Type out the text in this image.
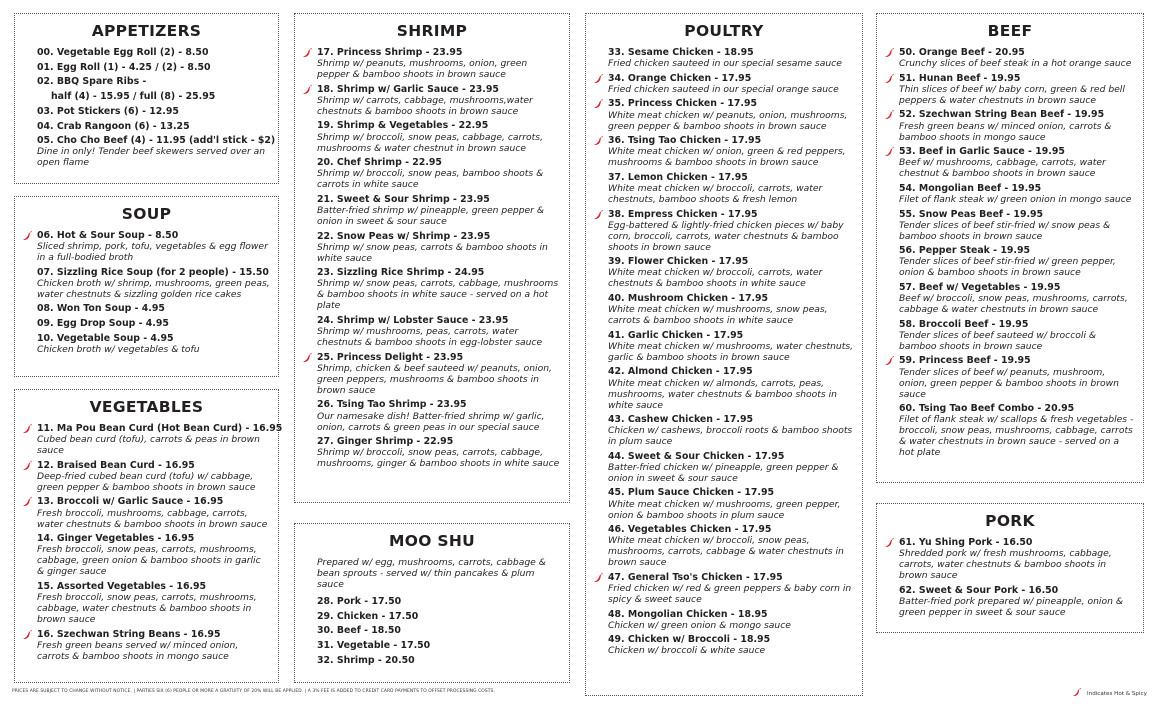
APPETIZERS
00. Vegetable Egg Roll (2) - 8.50
01. Egg Roll (1) - 4.25 / (2) - 8.50
02. BBQ Spare Ribs -
half (4) - 15.95 / full (8) - 25.95
03. Pot Stickers (6) - 12.95
04. Crab Rangoon (6) - 13.25
05. Cho Cho Beef (4) - 11.95 (add'l stick - $2)
Dine in only! Tender beef skewers served over an open flame
SOUP
06. Hot & Sour Soup - 8.50
Sliced shrimp, pork, tofu, vegetables & egg flower in a full-bodied broth
07. Sizzling Rice Soup (for 2 people) - 15.50
Chicken broth w/ shrimp, mushrooms, green peas, water chestnuts & sizzling golden rice cakes
08. Won Ton Soup - 4.95
09. Egg Drop Soup - 4.95
10. Vegetable Soup - 4.95
Chicken broth w/ vegetables & tofu
VEGETABLES
11. Ma Pou Bean Curd (Hot Bean Curd) - 16.95
Cubed bean curd (tofu), carrots & peas in brown sauce
12. Braised Bean Curd - 16.95
Deep-fried cubed bean curd (tofu) w/ cabbage, green pepper & bamboo shoots in brown sauce
13. Broccoli w/ Garlic Sauce - 16.95
Fresh broccoli, mushrooms, cabbage, carrots, water chestnuts & bamboo shoots in brown sauce
14. Ginger Vegetables - 16.95
Fresh broccoli, snow peas, carrots, mushrooms, cabbage, green onion & bamboo shoots in garlic & ginger sauce
15. Assorted Vegetables - 16.95
Fresh broccoli, snow peas, carrots, mushrooms, cabbage, water chestnuts & bamboo shoots in brown sauce
16. Szechwan String Beans - 16.95
Fresh green beans served w/ minced onion, carrots & bamboo shoots in mongo sauce
SHRIMP
17. Princess Shrimp - 23.95
Shrimp w/ peanuts, mushrooms, onion, green pepper & bamboo shoots in brown sauce
18. Shrimp w/ Garlic Sauce - 23.95
Shrimp w/ carrots, cabbage, mushrooms,water chestnuts & bamboo shoots in brown sauce
19. Shrimp & Vegetables - 22.95
Shrimp w/ broccoli, snow peas, cabbage, carrots, mushrooms & water chestnut in brown sauce
20. Chef Shrimp - 22.95
Shrimp w/ broccoli, snow peas, bamboo shoots & carrots in white sauce
21. Sweet & Sour Shrimp - 23.95
Batter-fried shrimp w/ pineapple, green pepper & onion in sweet & sour sauce
22. Snow Peas w/ Shrimp - 23.95
Shrimp w/ snow peas, carrots & bamboo shoots in white sauce
23. Sizzling Rice Shrimp - 24.95
Shrimp w/ snow peas, carrots, cabbage, mushrooms & bamboo shoots in white sauce - served on a hot plate
24. Shrimp w/ Lobster Sauce - 23.95
Shrimp w/ mushrooms, peas, carrots, water chestnuts & bamboo shoots in egg-lobster sauce
25. Princess Delight - 23.95
Shrimp, chicken & beef sauteed w/ peanuts, onion, green peppers, mushrooms & bamboo shoots in brown sauce
26. Tsing Tao Shrimp - 23.95
Our namesake dish! Batter-fried shrimp w/ garlic, onion, carrots & green peas in our special sauce
27. Ginger Shrimp - 22.95
Shrimp w/ broccoli, snow peas, carrots, cabbage, mushrooms, ginger & bamboo shoots in white sauce
MOO SHU
Prepared w/ egg, mushrooms, carrots, cabbage & bean sprouts - served w/ thin pancakes & plum sauce
28. Pork - 17.50
29. Chicken - 17.50
30. Beef - 18.50
31. Vegetable - 17.50
32. Shrimp - 20.50
POULTRY
33. Sesame Chicken - 18.95
Fried chicken sauteed in our special sesame sauce
34. Orange Chicken - 17.95
Fried chicken sauteed in our special orange sauce
35. Princess Chicken - 17.95
White meat chicken w/ peanuts, onion, mushrooms, green pepper & bamboo shoots in brown sauce
36. Tsing Tao Chicken - 17.95
White meat chicken w/ onion, green & red peppers, mushrooms & bamboo shoots in brown sauce
37. Lemon Chicken - 17.95
White meat chicken w/ broccoli, carrots, water chestnuts, bamboo shoots & fresh lemon
38. Empress Chicken - 17.95
Egg-battered & lightly-fried chicken pieces w/ baby corn, broccoli, carrots, water chestnuts & bamboo shoots in brown sauce
39. Flower Chicken - 17.95
White meat chicken w/ broccoli, carrots, water chestnuts & bamboo shoots in white sauce
40. Mushroom Chicken - 17.95
White meat chicken w/ mushrooms, snow peas, carrots & bamboo shoots in white sauce
41. Garlic Chicken - 17.95
White meat chicken w/ mushrooms, water chestnuts, garlic & bamboo shoots in brown sauce
42. Almond Chicken - 17.95
White meat chicken w/ almonds, carrots, peas, mushrooms, water chestnuts & bamboo shoots in white sauce
43. Cashew Chicken - 17.95
Chicken w/ cashews, broccoli roots & bamboo shoots in plum sauce
44. Sweet & Sour Chicken - 17.95
Batter-fried chicken w/ pineapple, green pepper & onion in sweet & sour sauce
45. Plum Sauce Chicken - 17.95
White meat chicken w/ mushrooms, green pepper, onion & bamboo shoots in plum sauce
46. Vegetables Chicken - 17.95
White meat chicken w/ broccoli, snow peas, mushrooms, carrots, cabbage & water chestnuts in brown sauce
47. General Tso's Chicken - 17.95
Fried chicken w/ red & green peppers & baby corn in spicy & sweet sauce
48. Mongolian Chicken - 18.95
Chicken w/ green onion & mongo sauce
49. Chicken w/ Broccoli - 18.95
Chicken w/ broccoli & white sauce
BEEF
50. Orange Beef - 20.95
Crunchy slices of beef steak in a hot orange sauce
51. Hunan Beef - 19.95
Thin slices of beef w/ baby corn, green & red bell peppers & water chestnuts in brown sauce
52. Szechwan String Bean Beef - 19.95
Fresh green beans w/ minced onion, carrots & bamboo shoots in mongo sauce
53. Beef in Garlic Sauce - 19.95
Beef w/ mushrooms, cabbage, carrots, water chestnut & bamboo shoots in brown sauce
54. Mongolian Beef - 19.95
Filet of flank steak w/ green onion in mongo sauce
55. Snow Peas Beef - 19.95
Tender slices of beef stir-fried w/ snow peas & bamboo shoots in brown sauce
56. Pepper Steak - 19.95
Tender slices of beef stir-fried w/ green pepper, onion & bamboo shoots in brown sauce
57. Beef w/ Vegetables - 19.95
Beef w/ broccoli, snow peas, mushrooms, carrots, cabbage & water chestnuts in brown sauce
58. Broccoli Beef - 19.95
Tender slices of beef sauteed w/ broccoli & bamboo shoots in brown sauce
59. Princess Beef - 19.95
Tender slices of beef w/ peanuts, mushroom, onion, green pepper & bamboo shoots in brown sauce
60. Tsing Tao Beef Combo - 20.95
Filet of flank steak w/ scallops & fresh vegetables - broccoli, snow peas, mushrooms, cabbage, carrots & water chestnuts in brown sauce - served on a hot plate
PORK
61. Yu Shing Pork - 16.50
Shredded pork w/ fresh mushrooms, cabbage, carrots, water chestnuts & bamboo shoots in brown sauce
62. Sweet & Sour Pork - 16.50
Batter-fried pork prepared w/ pineapple, onion & green pepper in sweet & sour sauce
PRICES ARE SUBJECT TO CHANGE WITHOUT NOTICE. | PARTIES SIX (6) PEOPLE OR MORE A GRATUITY OF 20% WILL BE APPLIED. | A 3% FEE IS ADDED TO CREDIT CARD PAYMENTS TO OFFSET PROCESSING COSTS.	Indicates Hot & Spicy
